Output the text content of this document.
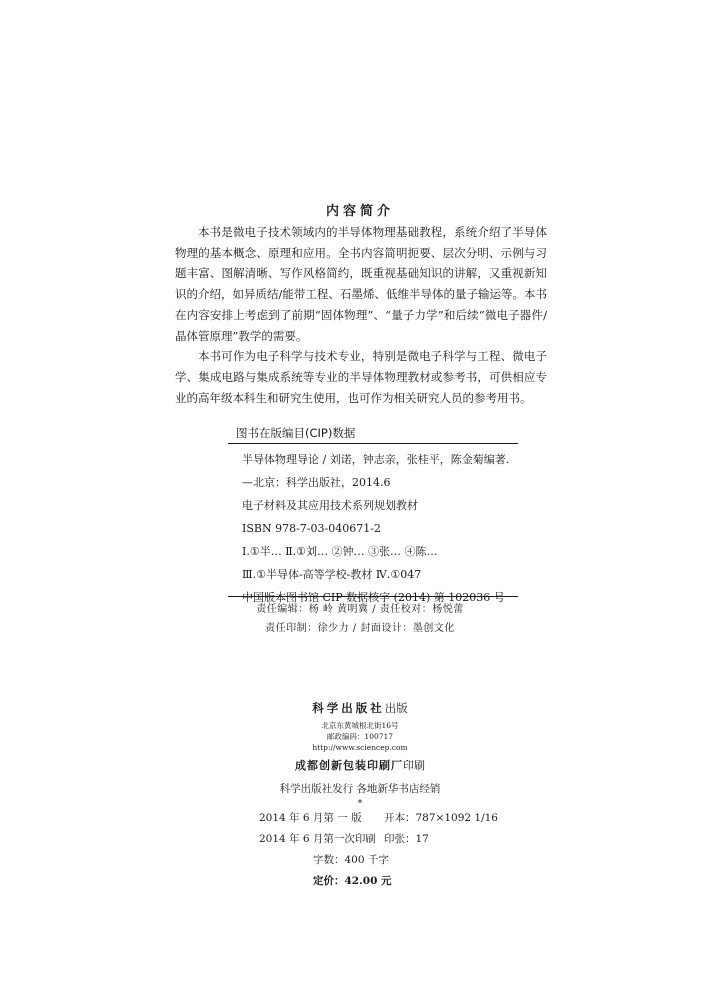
内容简介

本书是微电子技术领域内的半导体物理基础教程，系统介绍了半导体物理的基本概念、原理和应用。全书内容简明扼要、层次分明、示例与习题丰富、图解清晰、写作风格简约，既重视基础知识的讲解，又重视新知识的介绍，如异质结/能带工程、石墨烯、低维半导体的量子输运等。本书在内容安排上考虑到了前期“固体物理”、“量子力学”和后续“微电子器件/晶体管原理”教学的需要。

本书可作为电子科学与技术专业，特别是微电子科学与工程、微电子学、集成电路与集成系统等专业的半导体物理教材或参考书，可供相应专业的高年级本科生和研究生使用，也可作为相关研究人员的参考用书。

图书在版编目(CIP)数据
半导体物理导论 / 刘诺，钟志亲，张桂平，陈金菊编著.
—北京：科学出版社，2014.6
电子材料及其应用技术系列规划教材
ISBN 978-7-03-040671-2
Ⅰ.①半… Ⅱ.①刘… ②钟… ③张… ④陈…
Ⅲ.①半导体-高等学校-教材 Ⅳ.①047
中国版本图书馆 CIP 数据核字 (2014) 第 102036 号
责任编辑：杨 岭 黄明冀 / 责任校对：杨悦蕾
责任印制：徐少力 / 封面设计：墨创文化
科学出版社出版
北京东黄城根北街16号
邮政编码：100717
http://www.sciencep.com
成都创新包装印刷厂印刷
科学出版社发行 各地新华书店经销
*
2014 年 6 月第 一 版 开本：787×1092 1/16
2014 年 6 月第一次印刷 印张：17
字数：400 千字
定价：42.00 元
